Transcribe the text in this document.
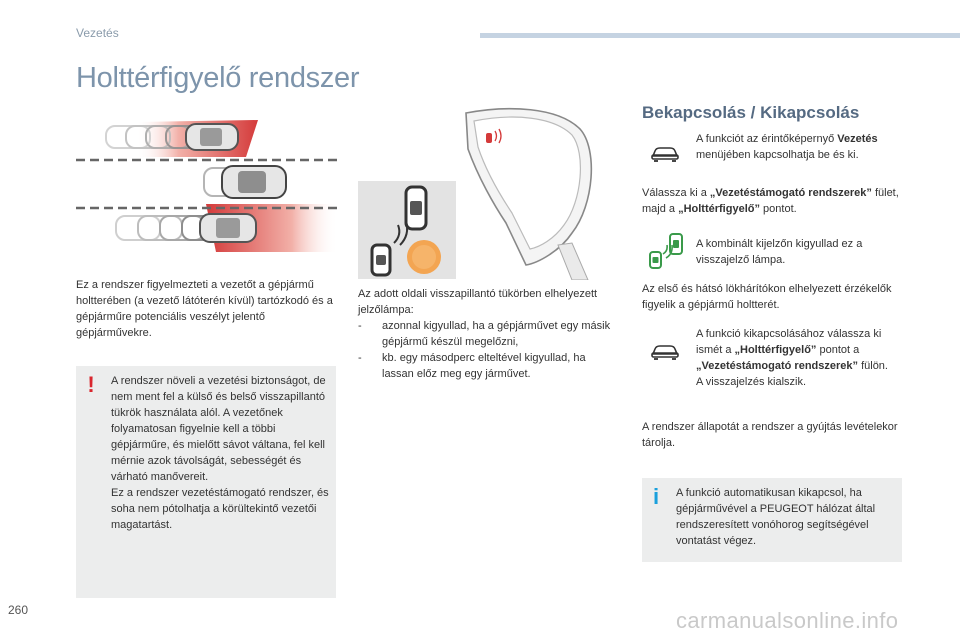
Vezetés
Holttérfigyelő rendszer

Ez a rendszer figyelmezteti a vezetőt a gépjármű holtterében (a vezető látóterén kívül) tartózkodó és a gépjárműre potenciális veszélyt jelentő gépjárművekre.

Az adott oldali visszapillantó tükörben elhelyezett jelzőlámpa:
- azonnal kigyullad, ha a gépjárművet egy másik gépjármű készül megelőzni,
- kb. egy másodperc elteltével kigyullad, ha lassan előz meg egy járművet.
!	A rendszer növeli a vezetési biztonságot, de nem ment fel a külső és belső visszapillantó tükrök használata alól. A vezetőnek folyamatosan figyelnie kell a többi gépjárműre, és mielőtt sávot váltana, fel kell mérnie azok távolságát, sebességét és várható manővereit.
Ez a rendszer vezetéstámogató rendszer, és soha nem pótolhatja a körültekintő vezetői magatartást.
Bekapcsolás / Kikapcsolás

A funkciót az érintőképernyő Vezetés menüjében kapcsolhatja be és ki.

Válassza ki a „Vezetéstámogató rendszerek” fület, majd a „Holttérfigyelő” pontot.

A kombinált kijelzőn kigyullad ez a visszajelző lámpa.

Az első és hátsó lökhárítókon elhelyezett érzékelők figyelik a gépjármű holtterét.

A funkció kikapcsolásához válassza ki ismét a „Holttérfigyelő” pontot a „Vezetéstámogató rendszerek” fülön.
A visszajelzés kialszik.

A rendszer állapotát a rendszer a gyújtás levételekor tárolja.

i A funkció automatikusan kikapcsol, ha gépjárművével a PEUGEOT hálózat által rendszeresített vonóhorog segítségével vontatást végez.

260	carmanualsonline.info
